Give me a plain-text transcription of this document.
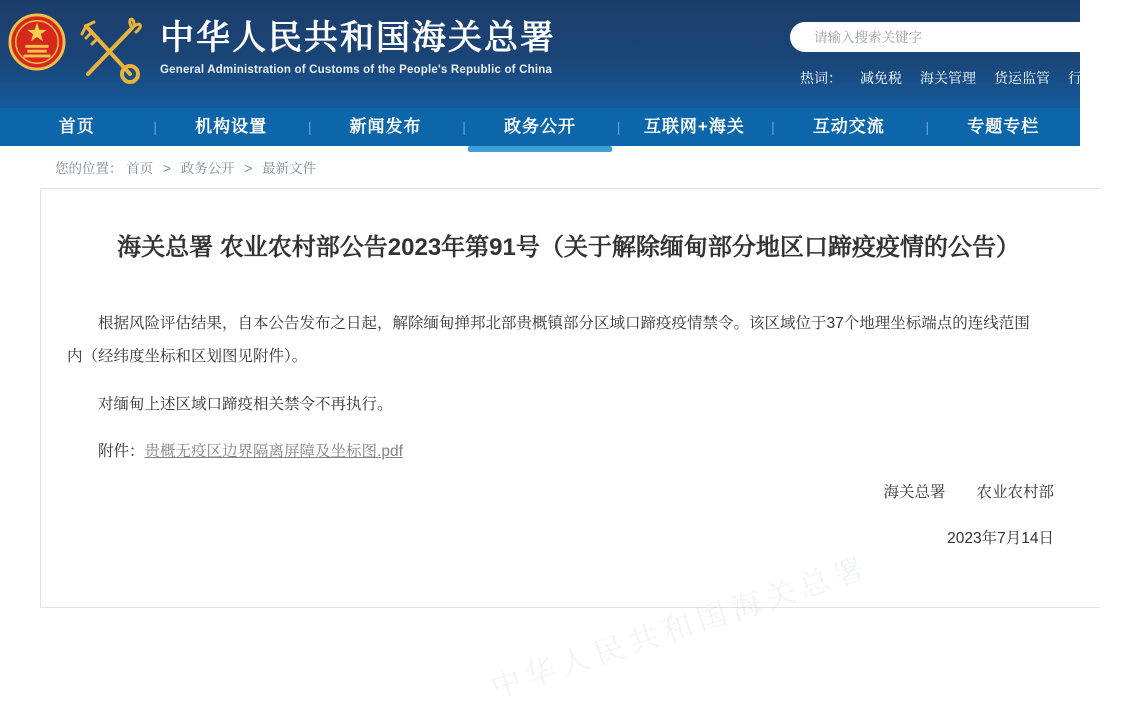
中华人民共和国海关总署
General Administration of Customs of the People's Republic of China
请输入搜索关键字	热词： 减免税 海关管理 货运监管 行政监管
首页	|	机构设置	|	新闻发布	|	政务公开	|	互联网+海关	|	互动交流	|	专题专栏
您的位置： 首页 > 政务公开 > 最新文件
海关总署 农业农村部公告2023年第91号（关于解除缅甸部分地区口蹄疫疫情的公告）

根据风险评估结果，自本公告发布之日起，解除缅甸掸邦北部贵概镇部分区域口蹄疫疫情禁令。该区域位于37个地理坐标端点的连线范围内（经纬度坐标和区划图见附件）。

对缅甸上述区域口蹄疫相关禁令不再执行。

附件：贵概无疫区边界隔离屏障及坐标图.pdf
海关总署　　农业农村部
2023年7月14日
中华人民共和国海关总署
